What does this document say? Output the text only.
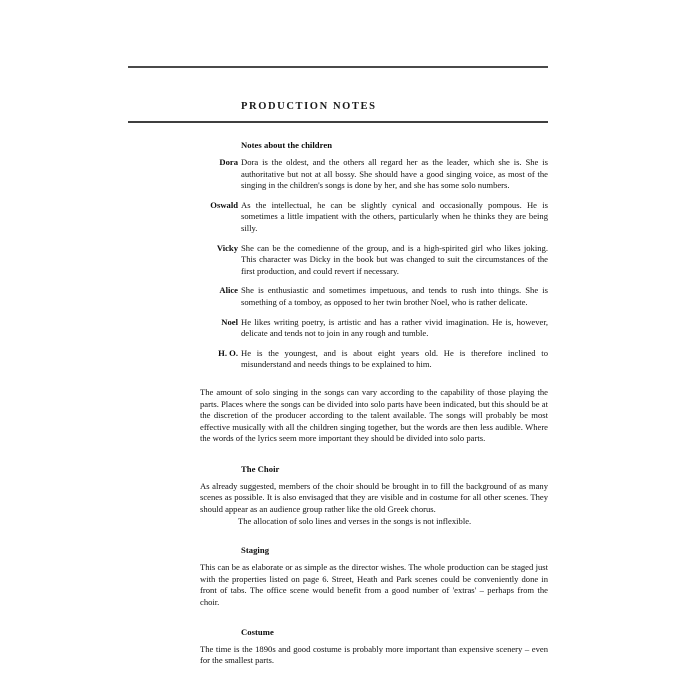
PRODUCTION NOTES
Notes about the children
Dora Dora is the oldest, and the others all regard her as the leader, which she is. She is authoritative but not at all bossy. She should have a good singing voice, as most of the singing in the children's songs is done by her, and she has some solo numbers.
Oswald As the intellectual, he can be slightly cynical and occasionally pompous. He is sometimes a little impatient with the others, particularly when he thinks they are being silly.
Vicky She can be the comedienne of the group, and is a high-spirited girl who likes joking. This character was Dicky in the book but was changed to suit the circumstances of the first production, and could revert if necessary.
Alice She is enthusiastic and sometimes impetuous, and tends to rush into things. She is something of a tomboy, as opposed to her twin brother Noel, who is rather delicate.
Noel He likes writing poetry, is artistic and has a rather vivid imagination. He is, however, delicate and tends not to join in any rough and tumble.
H. O. He is the youngest, and is about eight years old. He is therefore inclined to misunderstand and needs things to be explained to him.

The amount of solo singing in the songs can vary according to the capability of those playing the parts. Places where the songs can be divided into solo parts have been indicated, but this should be at the discretion of the producer according to the talent available. The songs will probably be most effective musically with all the children singing together, but the words are then less audible. Where the words of the lyrics seem more important they should be divided into solo parts.

The Choir

As already suggested, members of the choir should be brought in to fill the background of as many scenes as possible. It is also envisaged that they are visible and in costume for all other scenes. They should appear as an audience group rather like the old Greek chorus.

The allocation of solo lines and verses in the songs is not inflexible.

Staging

This can be as elaborate or as simple as the director wishes. The whole production can be staged just with the properties listed on page 6. Street, Heath and Park scenes could be conveniently done in front of tabs. The office scene would benefit from a good number of 'extras' – perhaps from the choir.

Costume

The time is the 1890s and good costume is probably more important than expensive scenery – even for the smallest parts.
